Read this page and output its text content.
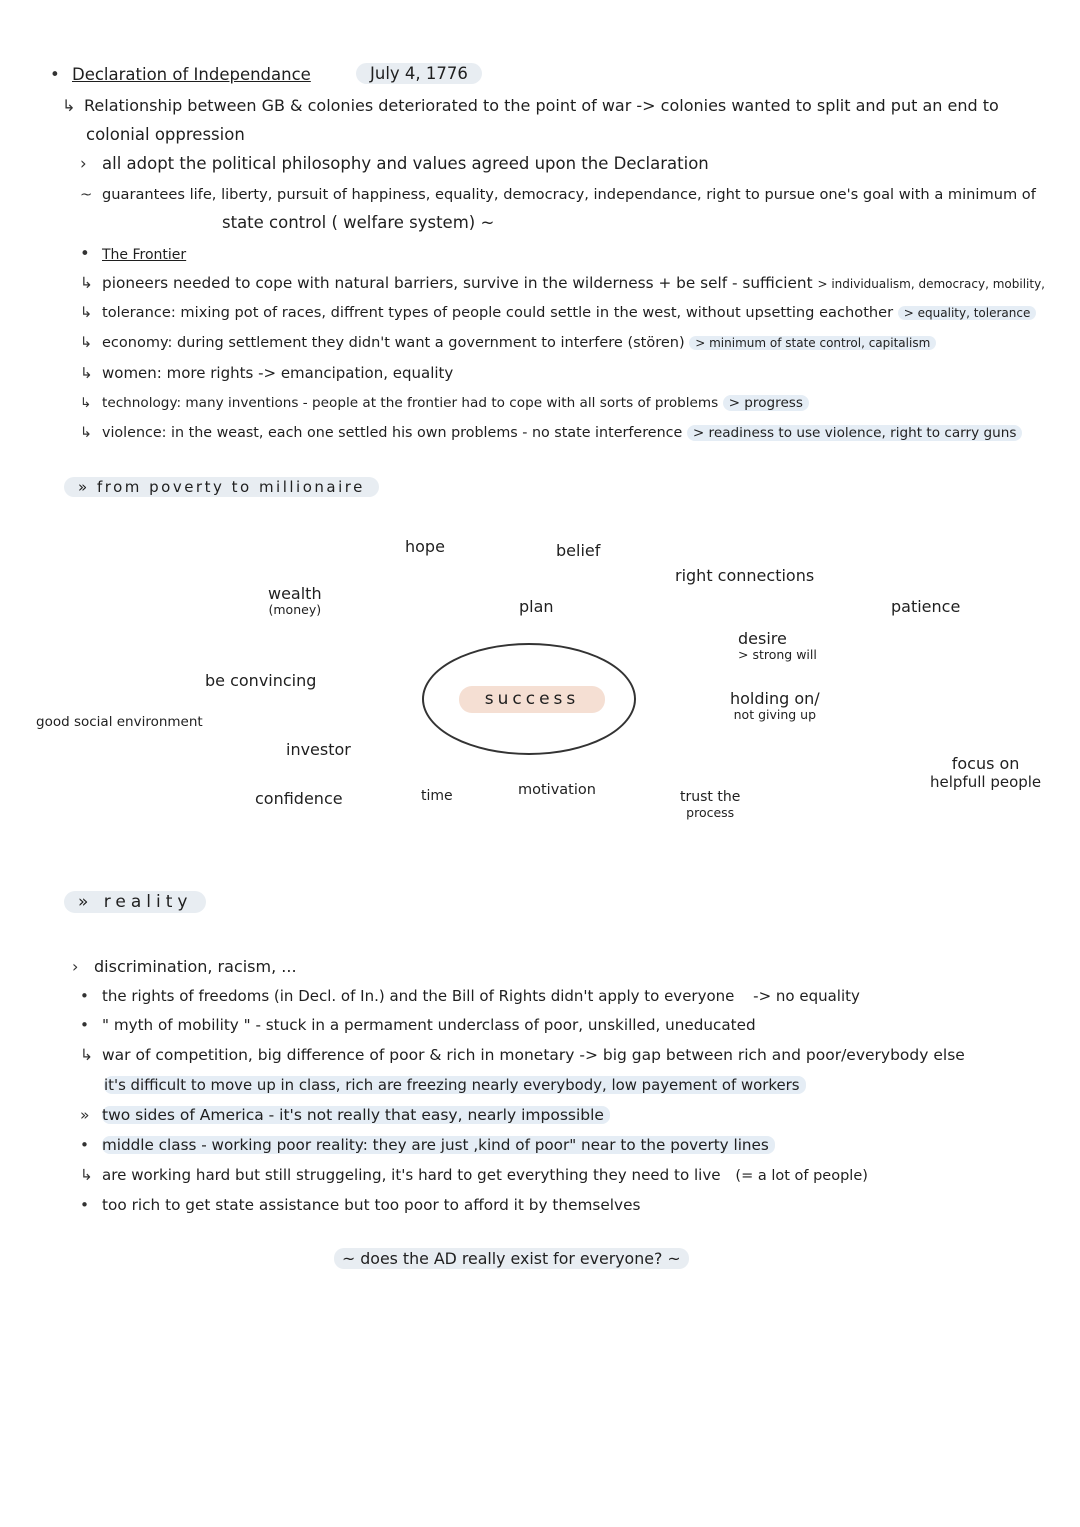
• Declaration of Independance	July 4, 1776
↳ Relationship between GB & colonies deteriorated to the point of war -> colonies wanted to split and put an end to
colonial oppression
› all adopt the political philosophy and values agreed upon the Declaration
~ guarantees life, liberty, pursuit of happiness, equality, democracy, independance, right to pursue one's goal with a minimum of
state control ( welfare system) ~
• The Frontier
↳ pioneers needed to cope with natural barriers, survive in the wilderness + be self - sufficient > individualism, democracy, mobility,
↳ tolerance: mixing pot of races, diffrent types of people could settle in the west, without upsetting eachother > equality, tolerance
↳ economy: during settlement they didn't want a government to interfere (stören) > minimum of state control, capitalism
↳ women: more rights -> emancipation, equality
↳ technology: many inventions - people at the frontier had to cope with all sorts of problems > progress
↳ violence: in the weast, each one settled his own problems - no state interference > readiness to use violence, right to carry guns
» from poverty to millionaire
success
hope	belief
right connections
wealth
(money)	plan	patience
desire
> strong will
be convincing
holding on/
not giving up
good social environment
investor
focus on
helpfull people
time	motivation	trust the
process
confidence
» reality
› discrimination, racism, ...
• the rights of freedoms (in Decl. of In.) and the Bill of Rights didn't apply to everyone -> no equality
• " myth of mobility " - stuck in a permament underclass of poor, unskilled, uneducated
↳ war of competition, big difference of poor & rich in monetary -> big gap between rich and poor/everybody else
it's difficult to move up in class, rich are freezing nearly everybody, low payement of workers
» two sides of America - it's not really that easy, nearly impossible
• middle class - working poor reality: they are just ,kind of poor" near to the poverty lines
↳ are working hard but still struggeling, it's hard to get everything they need to live (= a lot of people)
• too rich to get state assistance but too poor to afford it by themselves
~ does the AD really exist for everyone? ~
